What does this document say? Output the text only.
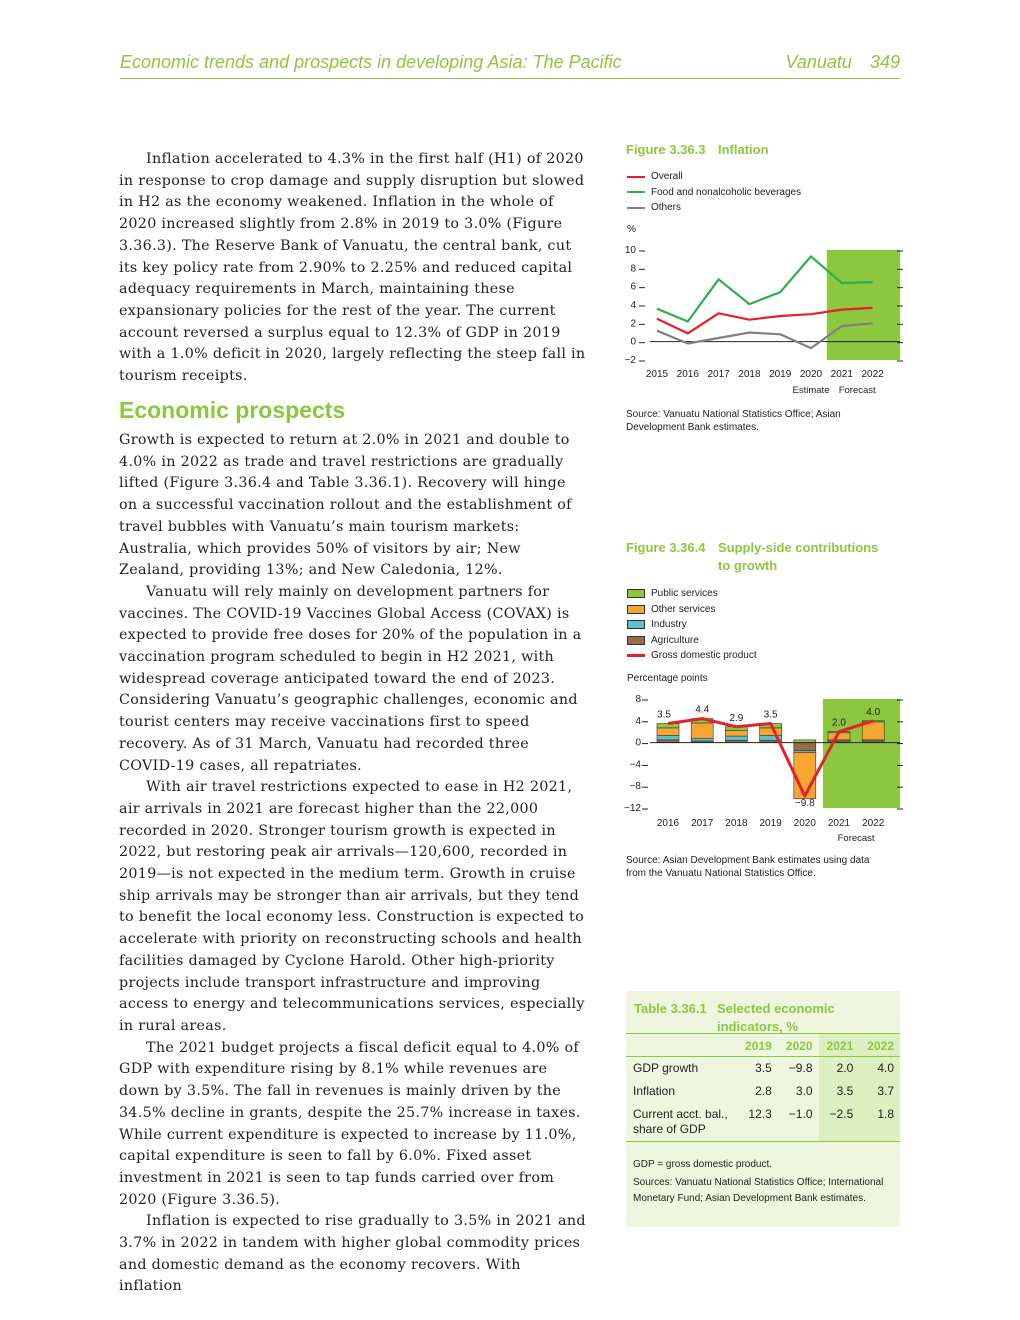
Economic trends and prospects in developing Asia: The Pacific	Vanuatu 349

Inflation accelerated to 4.3% in the first half (H1) of 2020 in response to crop damage and supply disruption but slowed in H2 as the economy weakened. Inflation in the whole of 2020 increased slightly from 2.8% in 2019 to 3.0% (Figure 3.36.3). The Reserve Bank of Vanuatu, the central bank, cut its key policy rate from 2.90% to 2.25% and reduced capital adequacy requirements in March, maintaining these expansionary policies for the rest of the year. The current account reversed a surplus equal to 12.3% of GDP in 2019 with a 1.0% deficit in 2020, largely reflecting the steep fall in tourism receipts.

Economic prospects

Growth is expected to return at 2.0% in 2021 and double to 4.0% in 2022 as trade and travel restrictions are gradually lifted (Figure 3.36.4 and Table 3.36.1). Recovery will hinge on a successful vaccination rollout and the establishment of travel bubbles with Vanuatu’s main tourism markets: Australia, which provides 50% of visitors by air; New Zealand, providing 13%; and New Caledonia, 12%.

Vanuatu will rely mainly on development partners for vaccines. The COVID-19 Vaccines Global Access (COVAX) is expected to provide free doses for 20% of the population in a vaccination program scheduled to begin in H2 2021, with widespread coverage anticipated toward the end of 2023. Considering Vanuatu’s geographic challenges, economic and tourist centers may receive vaccinations first to speed recovery. As of 31 March, Vanuatu had recorded three COVID-19 cases, all repatriates.

With air travel restrictions expected to ease in H2 2021, air arrivals in 2021 are forecast higher than the 22,000 recorded in 2020. Stronger tourism growth is expected in 2022, but restoring peak air arrivals—120,600, recorded in 2019—is not expected in the medium term. Growth in cruise ship arrivals may be stronger than air arrivals, but they tend to benefit the local economy less. Construction is expected to accelerate with priority on reconstructing schools and health facilities damaged by Cyclone Harold. Other high-priority projects include transport infrastructure and improving access to energy and telecommunications services, especially in rural areas.

The 2021 budget projects a fiscal deficit equal to 4.0% of GDP with expenditure rising by 8.1% while revenues are down by 3.5%. The fall in revenues is mainly driven by the 34.5% decline in grants, despite the 25.7% increase in taxes. While current expenditure is expected to increase by 11.0%, capital expenditure is seen to fall by 6.0%. Fixed asset investment in 2021 is seen to tap funds carried over from 2020 (Figure 3.36.5).

Inflation is expected to rise gradually to 3.5% in 2021 and 3.7% in 2022 in tandem with higher global commodity prices and domestic demand as the economy recovers. With inflation

Figure 3.36.3 Inflation
Overall
Food and nonalcoholic beverages
Others
%
10
8
6
4
2
0
−2
2015 2016 2017 2018 2019 2020 2021 2022
Estimate Forecast
Source: Vanuatu National Statistics Office; Asian Development Bank estimates.
Figure 3.36.4 Supply-side contributions
to growth
Public services
Other services
Industry
Agriculture
Gross domestic product
Percentage points
8
4
0
−4
−8
−12
3.5 4.4
2.9 3.5
−9.8
2.0
4.0
2016 2017 2018 2019 2020 2021 2022
Forecast
Source: Asian Development Bank estimates using data from the Vanuatu National Statistics Office.
Table 3.36.1 Selected economic
indicators, %
	2019	2020	2021	2022
GDP growth	3.5	−9.8	2.0	4.0
Inflation	2.8	3.0	3.5	3.7
Current acct. bal., share of GDP	12.3	−1.0	−2.5	1.8
GDP = gross domestic product.
Sources: Vanuatu National Statistics Office; International Monetary Fund; Asian Development Bank estimates.
